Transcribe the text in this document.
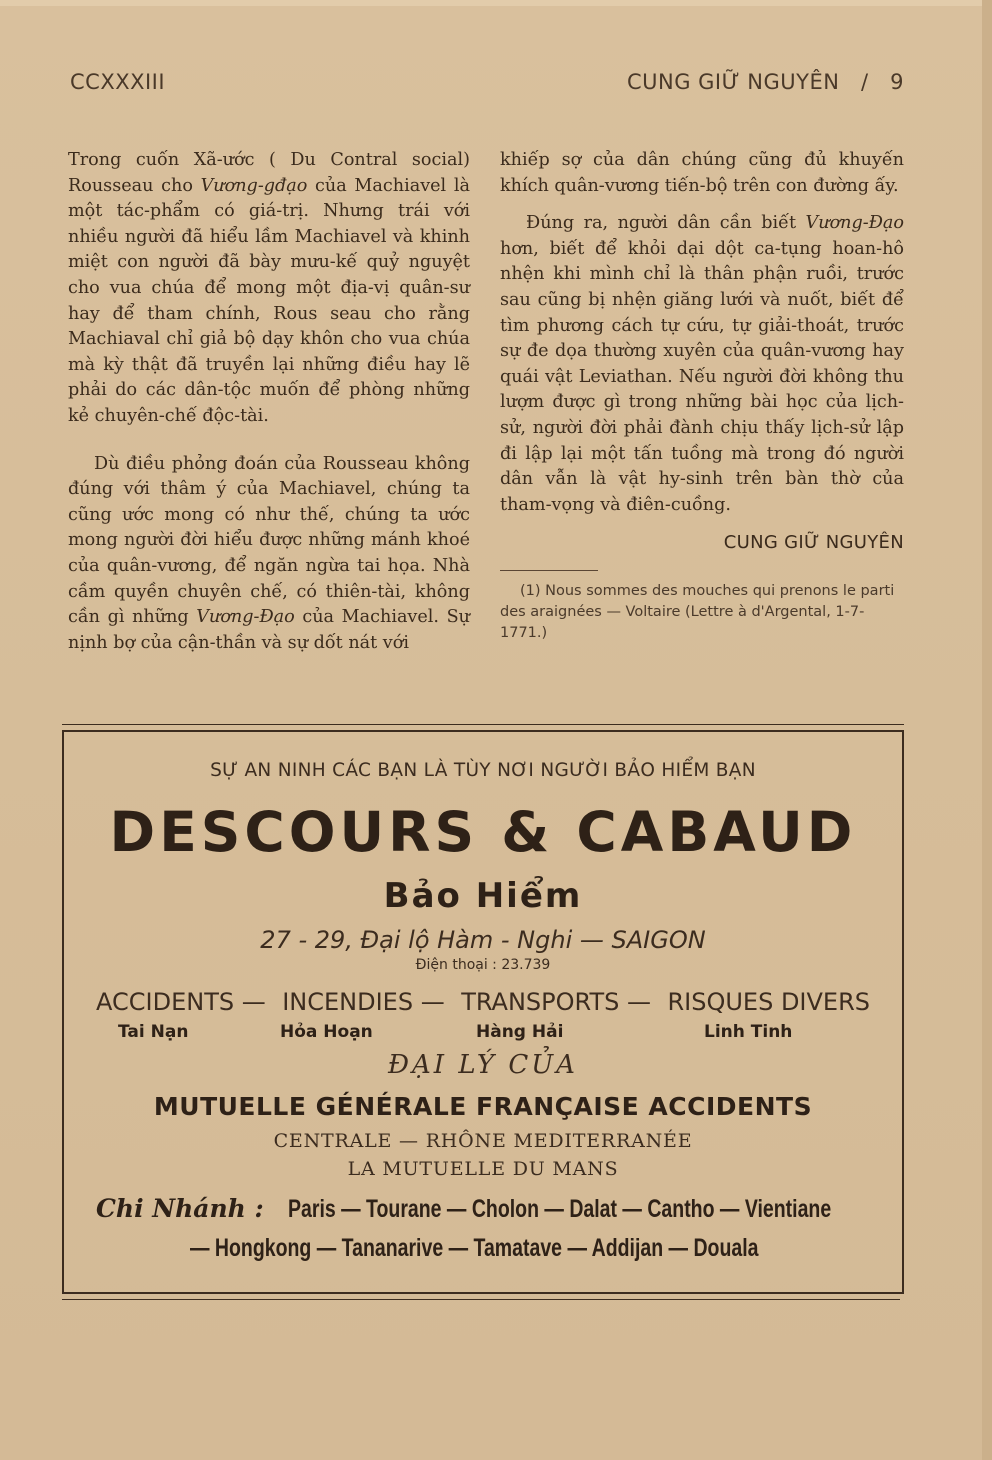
CCXXXIII	CUNG GIỮ NGUYÊN   /   9

Trong cuốn Xã-ước ( Du Contral social) Rousseau cho Vương-gđạo của Machiavel là một tác-phẩm có giá-trị. Nhưng trái với nhiều người đã hiểu lầm Machiavel và khinh miệt con người đã bày mưu-kế quỷ nguyệt cho vua chúa để mong một địa-vị quân-sư hay để tham chính, Rous seau cho rằng Machiaval chỉ giả bộ dạy khôn cho vua chúa mà kỳ thật đã truyền lại những điều hay lẽ phải do các dân-tộc muốn để phòng những kẻ chuyên-chế độc-tài.

Dù điều phỏng đoán của Rousseau không đúng với thâm ý của Machiavel, chúng ta cũng ước mong có như thế, chúng ta ước mong người đời hiểu được những mánh khoé của quân-vương, để ngăn ngừa tai họa. Nhà cầm quyền chuyên chế, có thiên-tài, không cần gì những Vương-Đạo của Machiavel. Sự nịnh bợ của cận-thần và sự dốt nát với

khiếp sợ của dân chúng cũng đủ khuyến khích quân-vương tiến-bộ trên con đường ấy.

Đúng ra, người dân cần biết Vương-Đạo hơn, biết để khỏi dại dột ca-tụng hoan-hô nhện khi mình chỉ là thân phận ruồi, trước sau cũng bị nhện giăng lưới và nuốt, biết để tìm phương cách tự cứu, tự giải-thoát, trước sự đe dọa thường xuyên của quân-vương hay quái vật Leviathan. Nếu người đời không thu lượm được gì trong những bài học của lịch-sử, người đời phải đành chịu thấy lịch-sử lập đi lập lại một tấn tuồng mà trong đó người dân vẫn là vật hy-sinh trên bàn thờ của tham-vọng và điên-cuồng.

CUNG GIỮ NGUYÊN
(1) Nous sommes des mouches qui prenons le parti des araignées — Voltaire (Lettre à d'Argental, 1-7-1771.)
SỰ AN NINH CÁC BẠN LÀ TÙY NƠI NGƯỜI BẢO HIỂM BẠN
DESCOURS & CABAUD
Bảo Hiểm
27 - 29, Đại lộ Hàm - Nghi — SAIGON
Điện thoại : 23.739
ACCIDENTS — INCENDIES — TRANSPORTS — RISQUES DIVERS
Tai Nạn	Hỏa Hoạn	Hàng Hải	Linh Tinh
ĐẠI LÝ CỦA
MUTUELLE GÉNÉRALE FRANÇAISE ACCIDENTS
CENTRALE — RHÔNE MEDITERRANÉE
LA MUTUELLE DU MANS
Chi Nhánh : Paris — Tourane — Cholon — Dalat — Cantho — Vientiane
— Hongkong — Tananarive — Tamatave — Addijan — Douala
